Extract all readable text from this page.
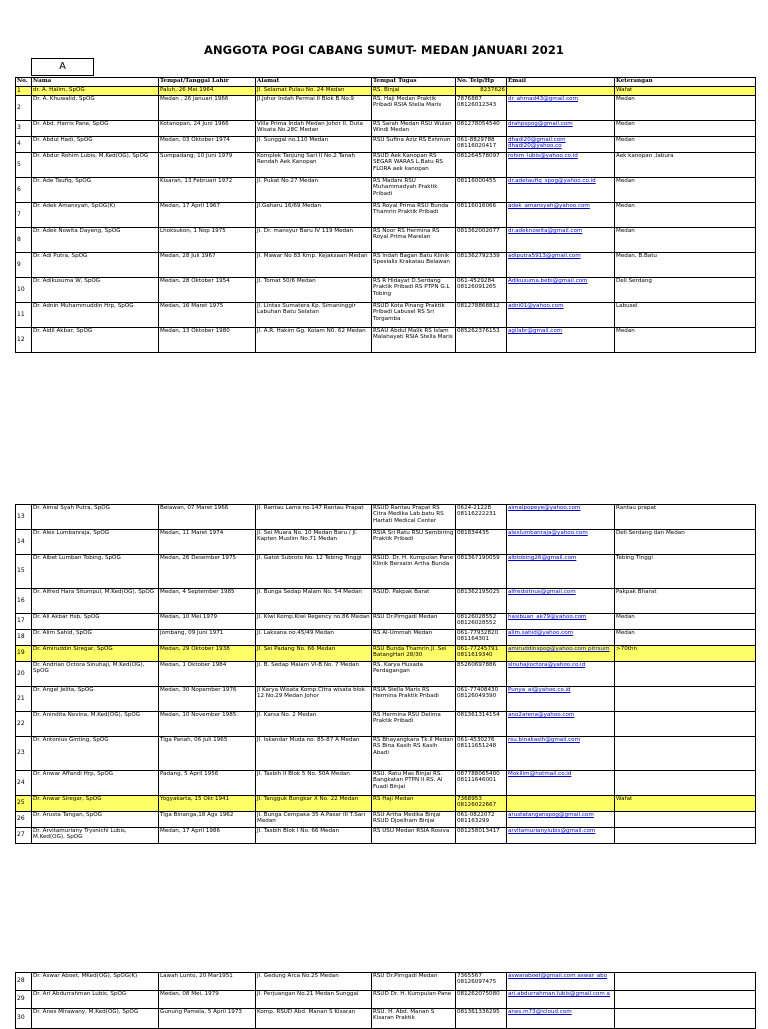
ANGGOTA POGI CABANG SUMUT- MEDAN JANUARI 2021
A
No.	Nama	Tempat/Tanggal Lahir	Alamat	Tempat Tugas	No. Telp/Hp	Email	Keterangan
1	dr. A. Halim, SpOG	Paluh, 26 Mei 1964	Jl. Selamat Pulau No. 24 Medan	RS. Binjai	8237626		Wafat
2	Dr. A. Khuwalid, SpOG	Medan , 26 Januari 1966	Jl.Johor Indah Permai II Blok B No.9	RS. Haji Medan Praktik Pribadi RSIA Stella Maris	7876887 08126012343	dr_ahmad43@gmail.com	Medan
3	Dr. Abd. Harris Pane, SpOG	Kotanopan, 24 Juni 1966	Villa Prima Indah Medan Johor II. Duta Wisata No.28C Medan	RS Sarah Medan RSU Wulan Windi Medan	081278054540	drahpspog@gmail.com	Medan
4	Dr. Abdul Hadi, SpOG	Medan, 03 Oktober 1974	Jl. Sunggal no.110 Medan	RSU Sufina Aziz RS Eshmun	061-8829788 08116020417	dhadi20@gmail.com dhadi20@yahoo.co	Medan
5	Dr. Abdur Rohim Lubis, M.Ked(OG), SpOG	Sumpadang, 10 Juni 1979	Komplek Tanjung Sari II No.2 Tanah Rendah Aek Kanopan	RSUD Aek Kanopan RS SEGAR WARAS L.Batu RS FLORA aek kanopan	081264578097	rohim_lubis@yahoo.co.id	Aek kanopan ,labura
6	Dr. Ade Taufiq, SpOG	Kisaran, 13 Februari 1972	Jl. Pukat No.27 Medan	RS Madani RSU Muhammadyah Praktik Pribadi	08116000455	dr.adetaufiq_spog@yahoo.co.id	Medan
7	Dr. Adek Amansyah, SpOG(K)	Medan, 17 April 1967	Jl.Gaharu 16/69 Medan	RS Royal Prima RSU Bunda Thamrin Praktik Pribadi	08116016066	adek_amansyah@yahoo.com	Medan
8	Dr. Adek Nowita Dayeng, SpOG	Lhoksukon, 1 Nop 1975	Jl. Dr. mansyur Baru IV 119 Medan	RS Noor RS Hermina RS Royal Prima Marelan	081362002077	dr.adeknowita@gmail.com	Medan
9	Dr. Adi Putra, SpOG	Medan, 28 Juli 1967	Jl. Mawar No 83 Kmp. Kejaksaan Medan	RS Indah Bagan Batu Klinik Spesialis Krakatau Belawan	081362792339	adiputra5913@gmail.com	Medan, B.Batu
10	Dr. Adikusuma W, SpOG	Medan, 28 Oktober 1954	Jl. Tomat 50/6 Medan	RS R Hidayat D.Serdang Praktik Pribadi RS PTPN G.L Tobing	061-4529284 08126091265	Adikusuma.bebi@gmail.com	Deli Serdang
11	Dr. Adnin Muhammuddin Hrp, SpOG	Medan, 16 Maret 1975	Jl. Lintas Sumatera Kp. Simaninggir Labuhan Batu Selatan	RSUD Kota Pinang Praktik Pribadi Labusel RS Sri Torgamba	081278868812	adni01@yahoo.com	Labusel
12	Dr. Aidil Akbar, SpOG	Medan, 13 Oktober 1980	Jl. A.R. Hakim Gg. Kolam N0. 62 Medan	RSAU Abdul Malik RS Islam Malahayati RSIA Stella Maris	085262376153	agilabr@gmail.com	Medan
13	Dr. Aimal Syah Putra, SpOG	Belawan, 07 Maret 1966	Jl. Rantau Lama no.147 Rantau Prapat	RSUD Rantau Prapat RS Citra Medika Lab.batu RS Hartati Medical Center	0624-21228 08116222231	aimalpopeye@yahoo.com	Rantau prapat
14	Dr. Alex Lumbanraja, SpOG	Medan, 11 Maret 1974	Jl. Sei Muara No. 10 Medan Baru / Jl. Kapten Muslim No.71 Medan	RSIA Sri Ratu RSU Sembiring Praktik Pribadi	081834435	alexlumbanraja@yahoo.com	Deli Serdang dan Medan
15	Dr. Albet Lumban Tobing, SpOG	Medan, 26 Desember 1975	Jl. Gatot Subroto No. 12 Tebing Tinggi	RSUD. Dr. H. Kumpulan Pane Klinik Bersalin Artha Bunda	081367190059	albtobing26@gmail.com	Tebing Tinggi
16	Dr. Alfred Hara Situmpul, M.Ked(OG), SpOG	Medan, 4 September 1985	Jl. Bunga Sedap Malam No. 54 Medan	RSUD. Pakpak Barat	081362195025	alfredsitnus@gmail.com	Pakpak Bharat
17	Dr. Ali Akbar Hsb, SpOG	Medan, 10 Mei 1979	Jl. Kiwi Komp.Kiwi Regency no.86 Medan	RSU Dr.Pirngadi Medan	08126028552 08126028552	hasibuan_ak79@yahoo.com	Medan
18	Dr. Alim Sahid, SpOG	Jombang, 09 Juni 1971	Jl. Laksana no.45/49 Medan	RS Al-Ummah Medan	061-77932820 081164301	alim.sahid@yahoo.com	Medan
19	Dr. Amiruddin Siregar, SpOG	Medan, 29 Oktober 1938	Jl. Sei Padang No. 66 Medan	RSU Bunda Thamrin Jl. Sei BatangHari 28/30	061-77245791 0811619340	amiruddinspog@yahoo.com pitrsum	>70thn
20	Dr. Andrian Octora Sinuhaji, M.Ked(OG), SpOG	Medan, 1 Oktober 1984	Jl. B. Sedap Malam VI-B No. 7 Medan	RS. Karya Husada Perdagangan	85260697886	sinuhajioctora@yahoo.co.id	
21	Dr. Angel Jelita, SpOG	Medan, 30 Nopember 1976	Jl Karya Wisata Komp.Citra wisata blok 12 No.29 Medan Johor	RSIA Stella Maris RS Hermina Praktik Pribadi	061-77408430 08126049390	Punya_ai@yahoo.co.id	
22	Dr. Anindita Novina, M.Ked(OG), SpOG	Medan, 10 November 1985	Jl. Karsa No. 2 Medan	RS Hermina RSU Delima Praktik Pribadi	081361314154	ano2arena@yahoo.com	
23	Dr. Antonius Ginting, SpOG	Tiga Panah, 06 Juli 1965	Jl. Iskandar Muda no. 85-87 A Medan	RS Bhayangkara Tk.II Medan RS Bina Kasih RS Kasih Abadi	061-4530276 08111651248	rsu.binakasih@gmail.com	
24	Dr. Anwar Affandi Hrp, SpOG	Padang, 5 April 1956	Jl. Tasbih II Blok 5 No. 50A Medan	RSU. Ratu Mas Binjai RS. Bangkatan PTPN II RS. Al Fuadi Binjai	087788065400 08111646001	Mokilim@hotmail.co.id	
25	Dr. Anwar Siregar, SpOG	Yogyakarta, 15 Okt 1941	Jl. Tangguk Bongkar X No. 22 Medan	RS Haji Medan	7368953 08126022667		Wafat
26	Dr. Arusta Tangan, SpOG	Tiga Binanga,18 Ags 1962	Jl. Bunga Cempaka 35 A.Pasar III T.Sari Medan	RSU Artha Medika Binjai RSUD Djoelham Binjai	061-0822072 081163299	arustatanganspog@gmail.com	
27	Dr. Arvitamuriany Trysnichi Lubis, M.Ked(OG), SpOG	Medan, 17 April 1986	Jl. Tasbih Blok I No. 66 Medan	RS USU Medan RSIA Rosiva	081258013417	arvitamurianylubis@gmail.com	
28	Dr. Aswar Aboet, MKed(OG), SpOG(K)	Lawah Lunto, 20 Mar1951	Jl. Gedung Arca No.25 Medan	RSU Dr.Pirngadi Medan	7365567 08126097475	aswaraboet@gmail.com aswar_abo	
29	Dr. Ari Abdurrahman Lubis, SpOG	Medan, 08 Mei, 1979	Jl. Perjuangan No.21 Medan Sunggal	RSUD Dr. H. Kumpulan Pane	081262075080	ari.abdurrahman.lubis@gmail.com a	
30	Dr. Anes Mirawany, M.Ked(OG), SpOG	Gunung Pamela, 5 April 1973	Komp. RSUD Abd. Manan S Kisaran	RSU. H. Abd. Manan S Kisaran Praktik	081361336295	anes.m73@icloud.com	
